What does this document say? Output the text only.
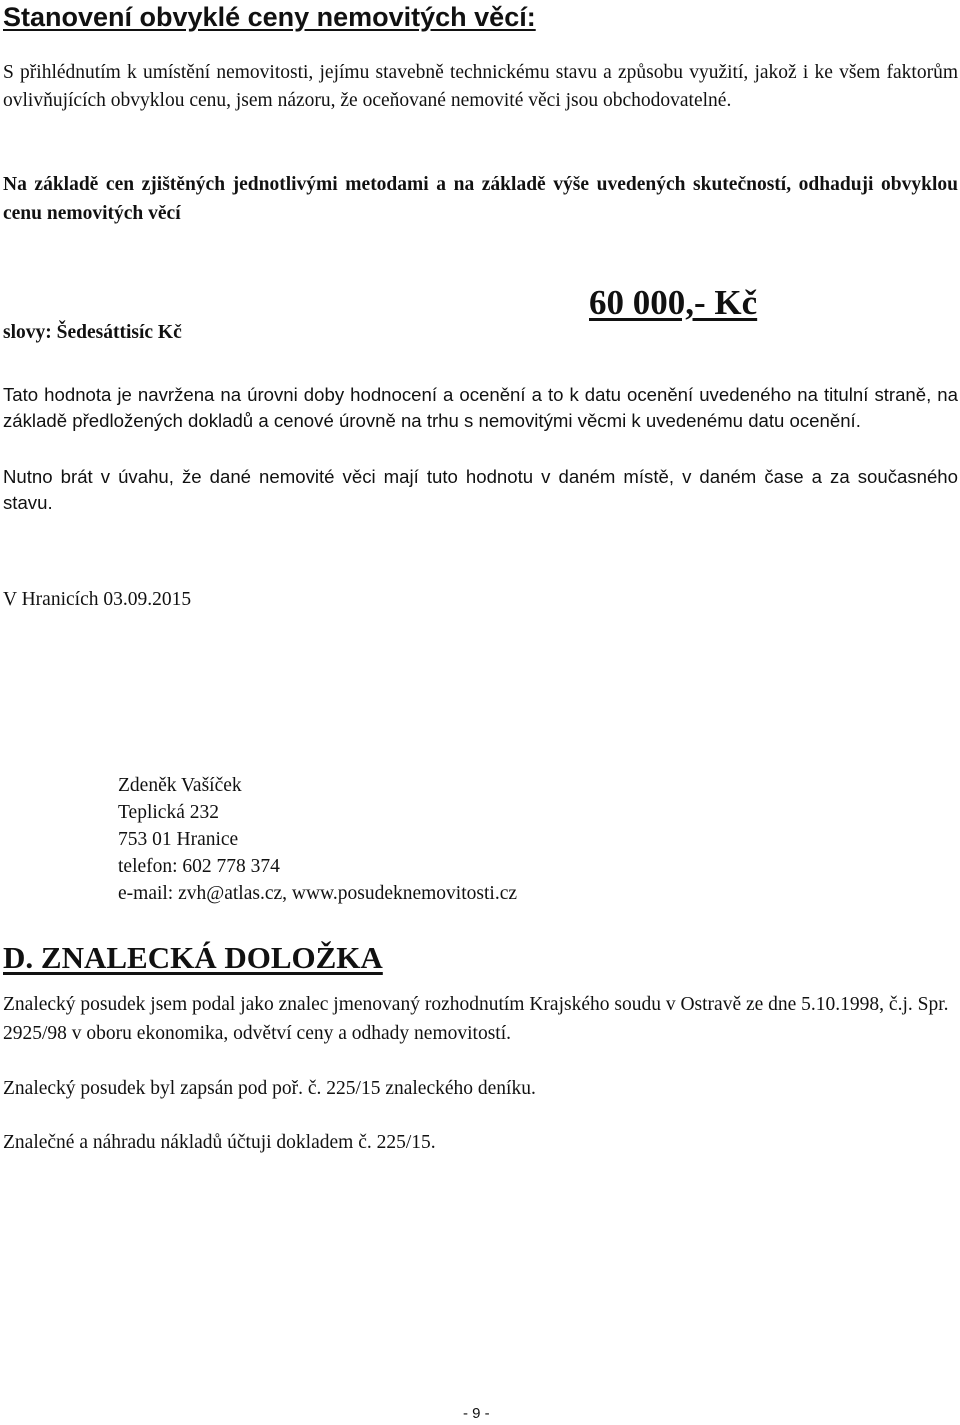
Stanovení obvyklé ceny nemovitých věcí:

S přihlédnutím k umístění nemovitosti, jejímu stavebně technickému stavu a způsobu využití, jakož i ke všem faktorům ovlivňujících obvyklou cenu, jsem názoru, že oceňované nemovité věci jsou obchodovatelné.

Na základě cen zjištěných jednotlivými metodami a na základě výše uvedených skutečností, odhaduji obvyklou cenu nemovitých věcí

60 000,- Kč
slovy: Šedesáttisíc Kč

Tato hodnota je navržena na úrovni doby hodnocení a ocenění a to k datu ocenění uvedeného na titulní straně, na základě předložených dokladů a cenové úrovně na trhu s nemovitými věcmi k uvedenému datu ocenění.

Nutno brát v úvahu, že dané nemovité věci mají tuto hodnotu v daném místě, v daném čase a za současného stavu.

V Hranicích 03.09.2015
Zdeněk Vašíček
Teplická 232
753 01 Hranice
telefon: 602 778 374
e-mail: zvh@atlas.cz, www.posudeknemovitosti.cz
D. ZNALECKÁ DOLOŽKA

Znalecký posudek jsem podal jako znalec jmenovaný rozhodnutím Krajského soudu v Ostravě ze dne 5.10.1998, č.j. Spr. 2925/98 v oboru ekonomika, odvětví ceny a odhady nemovitostí.

Znalecký posudek byl zapsán pod poř. č. 225/15 znaleckého deníku.

Znalečné a náhradu nákladů účtuji dokladem č. 225/15.

- 9 -
